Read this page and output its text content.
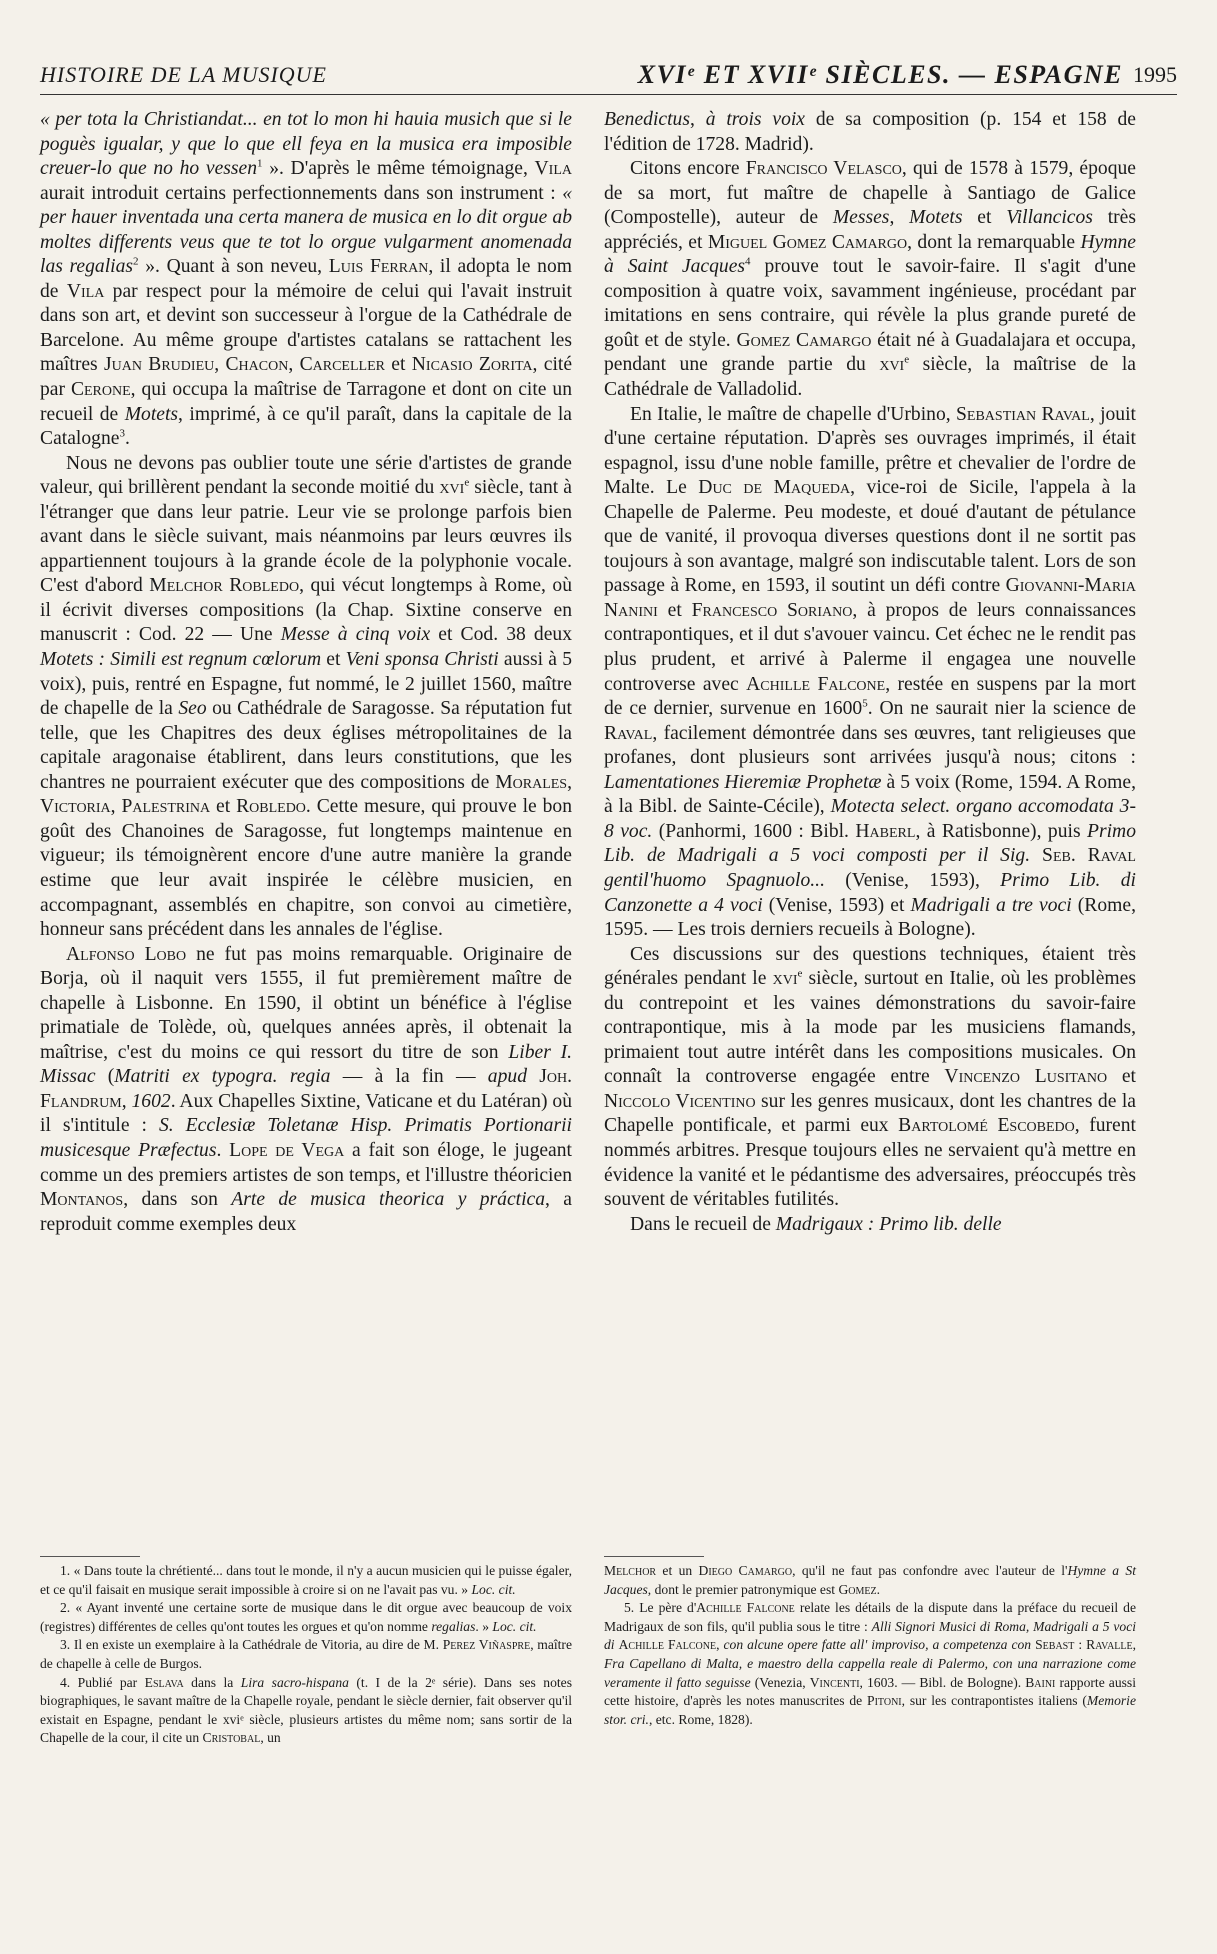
HISTOIRE DE LA MUSIQUE	XVIᵉ ET XVIIᵉ SIÈCLES. — ESPAGNE 1995

« per tota la Christiandat... en tot lo mon hi hauia musich que si le poguès igualar, y que lo que ell feya en la musica era imposible creuer-lo que no ho vessen$^1$ ». D'après le même témoignage, Vila aurait introduit certains perfectionnements dans son instrument : « per hauer inventada una certa manera de musica en lo dit orgue ab moltes differents veus que te tot lo orgue vulgarment anomenada las regalias$^2$ ». Quant à son neveu, Luis Ferran, il adopta le nom de Vila par respect pour la mémoire de celui qui l'avait instruit dans son art, et devint son successeur à l'orgue de la Cathédrale de Barcelone. Au même groupe d'artistes catalans se rattachent les maîtres Juan Brudieu, Chacon, Carceller et Nicasio Zorita, cité par Cerone, qui occupa la maîtrise de Tarragone et dont on cite un recueil de Motets, imprimé, à ce qu'il paraît, dans la capitale de la Catalogne$^3$.

Nous ne devons pas oublier toute une série d'artistes de grande valeur, qui brillèrent pendant la seconde moitié du xvi$^e$ siècle, tant à l'étranger que dans leur patrie. Leur vie se prolonge parfois bien avant dans le siècle suivant, mais néanmoins par leurs œuvres ils appartiennent toujours à la grande école de la polyphonie vocale. C'est d'abord Melchor Robledo, qui vécut longtemps à Rome, où il écrivit diverses compositions (la Chap. Sixtine conserve en manuscrit : Cod. 22 — Une Messe à cinq voix et Cod. 38 deux Motets : Simili est regnum cœlorum et Veni sponsa Christi aussi à 5 voix), puis, rentré en Espagne, fut nommé, le 2 juillet 1560, maître de chapelle de la Seo ou Cathédrale de Saragosse. Sa réputation fut telle, que les Chapitres des deux églises métropolitaines de la capitale aragonaise établirent, dans leurs constitutions, que les chantres ne pourraient exécuter que des compositions de Morales, Victoria, Palestrina et Robledo. Cette mesure, qui prouve le bon goût des Chanoines de Saragosse, fut longtemps maintenue en vigueur; ils témoignèrent encore d'une autre manière la grande estime que leur avait inspirée le célèbre musicien, en accompagnant, assemblés en chapitre, son convoi au cimetière, honneur sans précédent dans les annales de l'église.

Alfonso Lobo ne fut pas moins remarquable. Originaire de Borja, où il naquit vers 1555, il fut premièrement maître de chapelle à Lisbonne. En 1590, il obtint un bénéfice à l'église primatiale de Tolède, où, quelques années après, il obtenait la maîtrise, c'est du moins ce qui ressort du titre de son Liber I. Missac (Matriti ex typogra. regia — à la fin — apud Joh. Flandrum, 1602. Aux Chapelles Sixtine, Vaticane et du Latéran) où il s'intitule : S. Ecclesiæ Toletanæ Hisp. Primatis Portionarii musicesque Præfectus. Lope de Vega a fait son éloge, le jugeant comme un des premiers artistes de son temps, et l'illustre théoricien Montanos, dans son Arte de musica theorica y práctica, a reproduit comme exemples deux

Benedictus, à trois voix de sa composition (p. 154 et 158 de l'édition de 1728. Madrid).

Citons encore Francisco Velasco, qui de 1578 à 1579, époque de sa mort, fut maître de chapelle à Santiago de Galice (Compostelle), auteur de Messes, Motets et Villancicos très appréciés, et Miguel Gomez Camargo, dont la remarquable Hymne à Saint Jacques$^4$ prouve tout le savoir-faire. Il s'agit d'une composition à quatre voix, savamment ingénieuse, procédant par imitations en sens contraire, qui révèle la plus grande pureté de goût et de style. Gomez Camargo était né à Guadalajara et occupa, pendant une grande partie du xvi$^e$ siècle, la maîtrise de la Cathédrale de Valladolid.

En Italie, le maître de chapelle d'Urbino, Sebastian Raval, jouit d'une certaine réputation. D'après ses ouvrages imprimés, il était espagnol, issu d'une noble famille, prêtre et chevalier de l'ordre de Malte. Le Duc de Maqueda, vice-roi de Sicile, l'appela à la Chapelle de Palerme. Peu modeste, et doué d'autant de pétulance que de vanité, il provoqua diverses questions dont il ne sortit pas toujours à son avantage, malgré son indiscutable talent. Lors de son passage à Rome, en 1593, il soutint un défi contre Giovanni-Maria Nanini et Francesco Soriano, à propos de leurs connaissances contrapontiques, et il dut s'avouer vaincu. Cet échec ne le rendit pas plus prudent, et arrivé à Palerme il engagea une nouvelle controverse avec Achille Falcone, restée en suspens par la mort de ce dernier, survenue en 1600$^5$. On ne saurait nier la science de Raval, facilement démontrée dans ses œuvres, tant religieuses que profanes, dont plusieurs sont arrivées jusqu'à nous; citons : Lamentationes Hieremiæ Prophetæ à 5 voix (Rome, 1594. A Rome, à la Bibl. de Sainte-Cécile), Motecta select. organo accomodata 3-8 voc. (Panhormi, 1600 : Bibl. Haberl, à Ratisbonne), puis Primo Lib. de Madrigali a 5 voci composti per il Sig. Seb. Raval gentil'huomo Spagnuolo... (Venise, 1593), Primo Lib. di Canzonette a 4 voci (Venise, 1593) et Madrigali a tre voci (Rome, 1595. — Les trois derniers recueils à Bologne).

Ces discussions sur des questions techniques, étaient très générales pendant le xvi$^e$ siècle, surtout en Italie, où les problèmes du contrepoint et les vaines démonstrations du savoir-faire contrapontique, mis à la mode par les musiciens flamands, primaient tout autre intérêt dans les compositions musicales. On connaît la controverse engagée entre Vincenzo Lusitano et Niccolo Vicentino sur les genres musicaux, dont les chantres de la Chapelle pontificale, et parmi eux Bartolomé Escobedo, furent nommés arbitres. Presque toujours elles ne servaient qu'à mettre en évidence la vanité et le pédantisme des adversaires, préoccupés très souvent de véritables futilités.

Dans le recueil de Madrigaux : Primo lib. delle

1. « Dans toute la chrétienté... dans tout le monde, il n'y a aucun musicien qui le puisse égaler, et ce qu'il faisait en musique serait impossible à croire si on ne l'avait pas vu. » Loc. cit.

2. « Ayant inventé une certaine sorte de musique dans le dit orgue avec beaucoup de voix (registres) différentes de celles qu'ont toutes les orgues et qu'on nomme regalias. » Loc. cit.

3. Il en existe un exemplaire à la Cathédrale de Vitoria, au dire de M. Perez Viñaspre, maître de chapelle à celle de Burgos.

4. Publié par Eslava dans la Lira sacro-hispana (t. I de la 2ᵉ série). Dans ses notes biographiques, le savant maître de la Chapelle royale, pendant le siècle dernier, fait observer qu'il existait en Espagne, pendant le xviᵉ siècle, plusieurs artistes du même nom; sans sortir de la Chapelle de la cour, il cite un Cristobal, un

Melchor et un Diego Camargo, qu'il ne faut pas confondre avec l'auteur de l'Hymne a St Jacques, dont le premier patronymique est Gomez.

5. Le père d'Achille Falcone relate les détails de la dispute dans la préface du recueil de Madrigaux de son fils, qu'il publia sous le titre : Alli Signori Musici di Roma, Madrigali a 5 voci di Achille Falcone, con alcune opere fatte all' improviso, a competenza con Sebast : Ravalle, Fra Capellano di Malta, e maestro della cappella reale di Palermo, con una narrazione come veramente il fatto seguisse (Venezia, Vincenti, 1603. — Bibl. de Bologne). Baini rapporte aussi cette histoire, d'après les notes manuscrites de Pitoni, sur les contrapontistes italiens (Memorie stor. cri., etc. Rome, 1828).
